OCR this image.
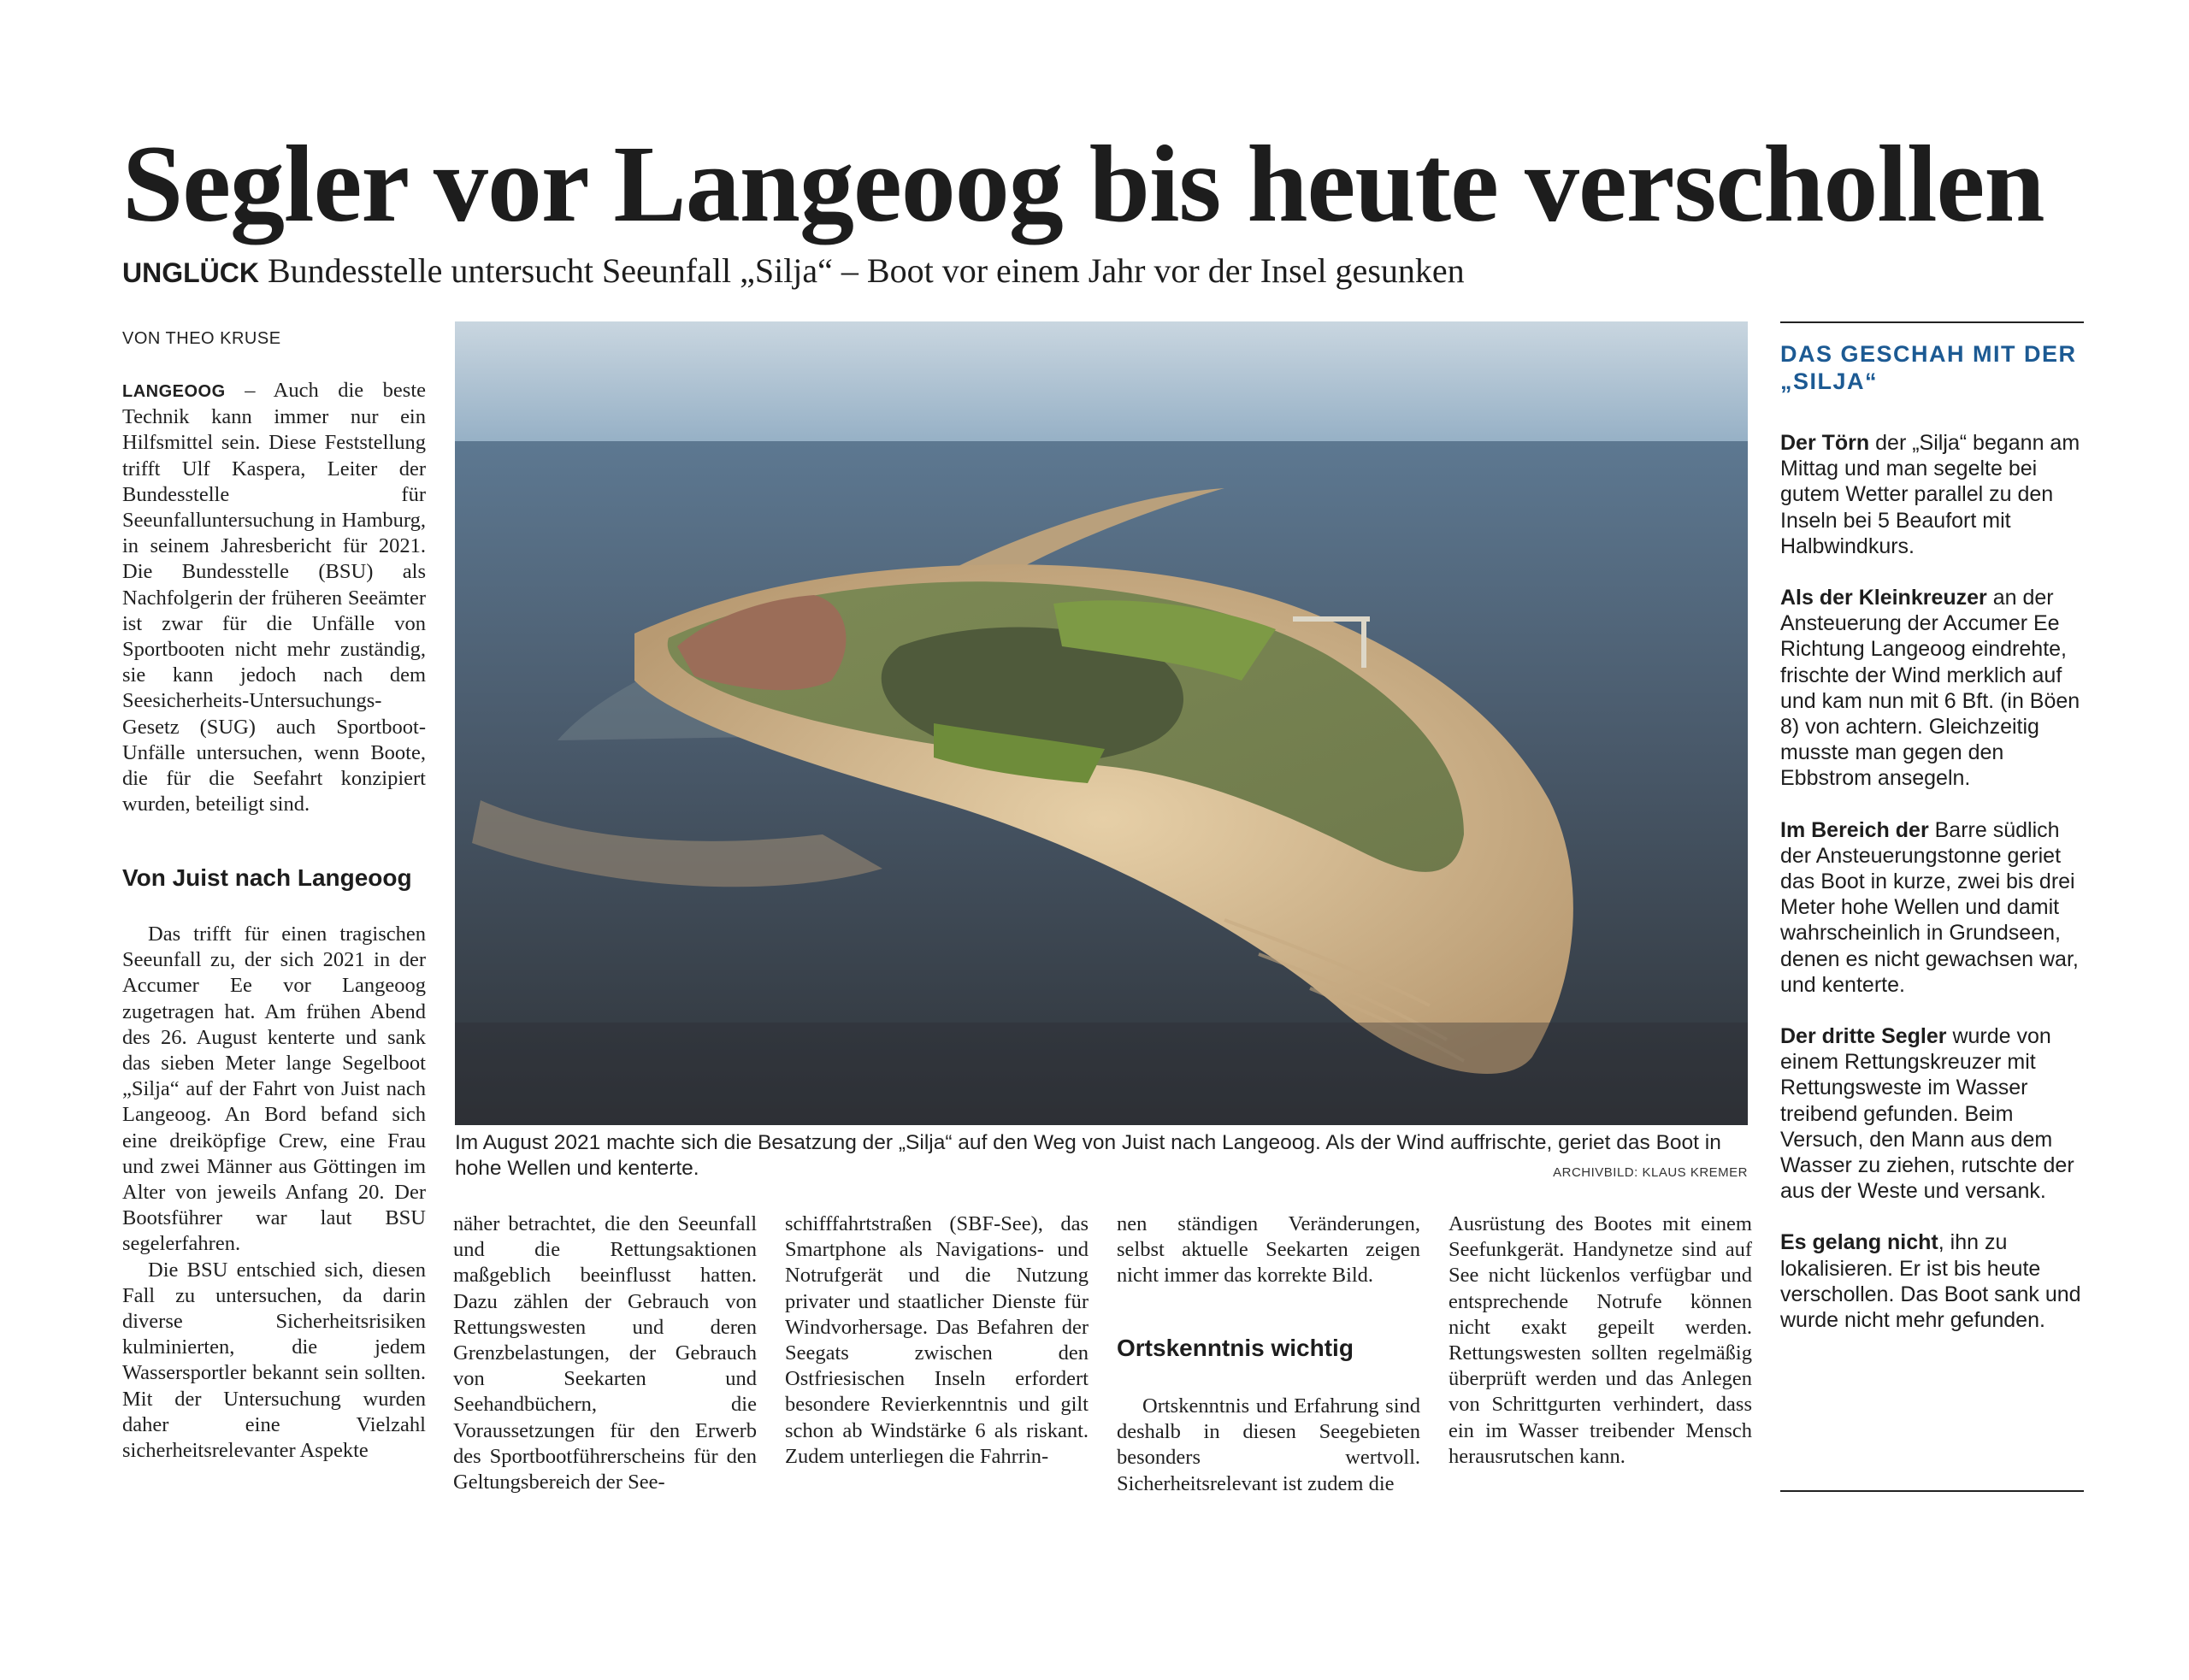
Segler vor Langeoog bis heute verschollen
UNGLÜCK Bundesstelle untersucht Seeunfall „Silja“ – Boot vor einem Jahr vor der Insel gesunken
VON THEO KRUSE

LANGEOOG – Auch die beste Technik kann immer nur ein Hilfsmittel sein. Diese Feststellung trifft Ulf Kaspera, Leiter der Bundesstelle für Seeunfalluntersuchung in Hamburg, in seinem Jahresbericht für 2021. Die Bundesstelle (BSU) als Nachfolgerin der früheren Seeämter ist zwar für die Unfälle von Sportbooten nicht mehr zuständig, sie kann jedoch nach dem Seesicherheits-Untersuchungs-Gesetz (SUG) auch Sportboot-Unfälle untersuchen, wenn Boote, die für die Seefahrt konzipiert wurden, beteiligt sind.

Von Juist nach Langeoog

Das trifft für einen tragischen Seeunfall zu, der sich 2021 in der Accumer Ee vor Langeoog zugetragen hat. Am frühen Abend des 26. August kenterte und sank das sieben Meter lange Segelboot „Silja“ auf der Fahrt von Juist nach Langeoog. An Bord befand sich eine dreiköpfige Crew, eine Frau und zwei Männer aus Göttingen im Alter von jeweils Anfang 20. Der Bootsführer war laut BSU segelerfahren.

Die BSU entschied sich, diesen Fall zu untersuchen, da darin diverse Sicherheitsrisiken kulminierten, die jedem Wassersportler bekannt sein sollten. Mit der Untersuchung wurden daher eine Vielzahl sicherheitsrelevanter Aspekte

Im August 2021 machte sich die Besatzung der „Silja“ auf den Weg von Juist nach Langeoog. Als der Wind auffrischte, geriet das Boot in hohe Wellen und kenterte.	ARCHIVBILD: KLAUS KREMER

näher betrachtet, die den Seeunfall und die Rettungsaktionen maßgeblich beeinflusst hatten. Dazu zählen der Gebrauch von Rettungswesten und deren Grenzbelastungen, der Gebrauch von Seekarten und Seehandbüchern, die Voraussetzungen für den Erwerb des Sportbootführerscheins für den Geltungsbereich der See-

schifffahrtstraßen (SBF-See), das Smartphone als Navigations- und Notrufgerät und die Nutzung privater und staatlicher Dienste für Windvorhersage. Das Befahren der Seegats zwischen den Ostfriesischen Inseln erfordert besondere Revierkenntnis und gilt schon ab Windstärke 6 als riskant. Zudem unterliegen die Fahrrin-

nen ständigen Veränderungen, selbst aktuelle Seekarten zeigen nicht immer das korrekte Bild.

Ortskenntnis wichtig

Ortskenntnis und Erfahrung sind deshalb in diesen Seegebieten besonders wertvoll. Sicherheitsrelevant ist zudem die

Ausrüstung des Bootes mit einem Seefunkgerät. Handynetze sind auf See nicht lückenlos verfügbar und entsprechende Notrufe können nicht exakt gepeilt werden. Rettungswesten sollten regelmäßig überprüft werden und das Anlegen von Schrittgurten verhindert, dass ein im Wasser treibender Mensch herausrutschen kann.

DAS GESCHAH MIT DER „SILJA“

Der Törn der „Silja“ begann am Mittag und man segelte bei gutem Wetter parallel zu den Inseln bei 5 Beaufort mit Halbwindkurs.

Als der Kleinkreuzer an der Ansteuerung der Accumer Ee Richtung Langeoog eindrehte, frischte der Wind merklich auf und kam nun mit 6 Bft. (in Böen 8) von achtern. Gleichzeitig musste man gegen den Ebbstrom ansegeln.

Im Bereich der Barre südlich der Ansteuerungstonne geriet das Boot in kurze, zwei bis drei Meter hohe Wellen und damit wahrscheinlich in Grundseen, denen es nicht gewachsen war, und kenterte.

Der dritte Segler wurde von einem Rettungskreuzer mit Rettungsweste im Wasser treibend gefunden. Beim Versuch, den Mann aus dem Wasser zu ziehen, rutschte der aus der Weste und versank.

Es gelang nicht, ihn zu lokalisieren. Er ist bis heute verschollen. Das Boot sank und wurde nicht mehr gefunden.
